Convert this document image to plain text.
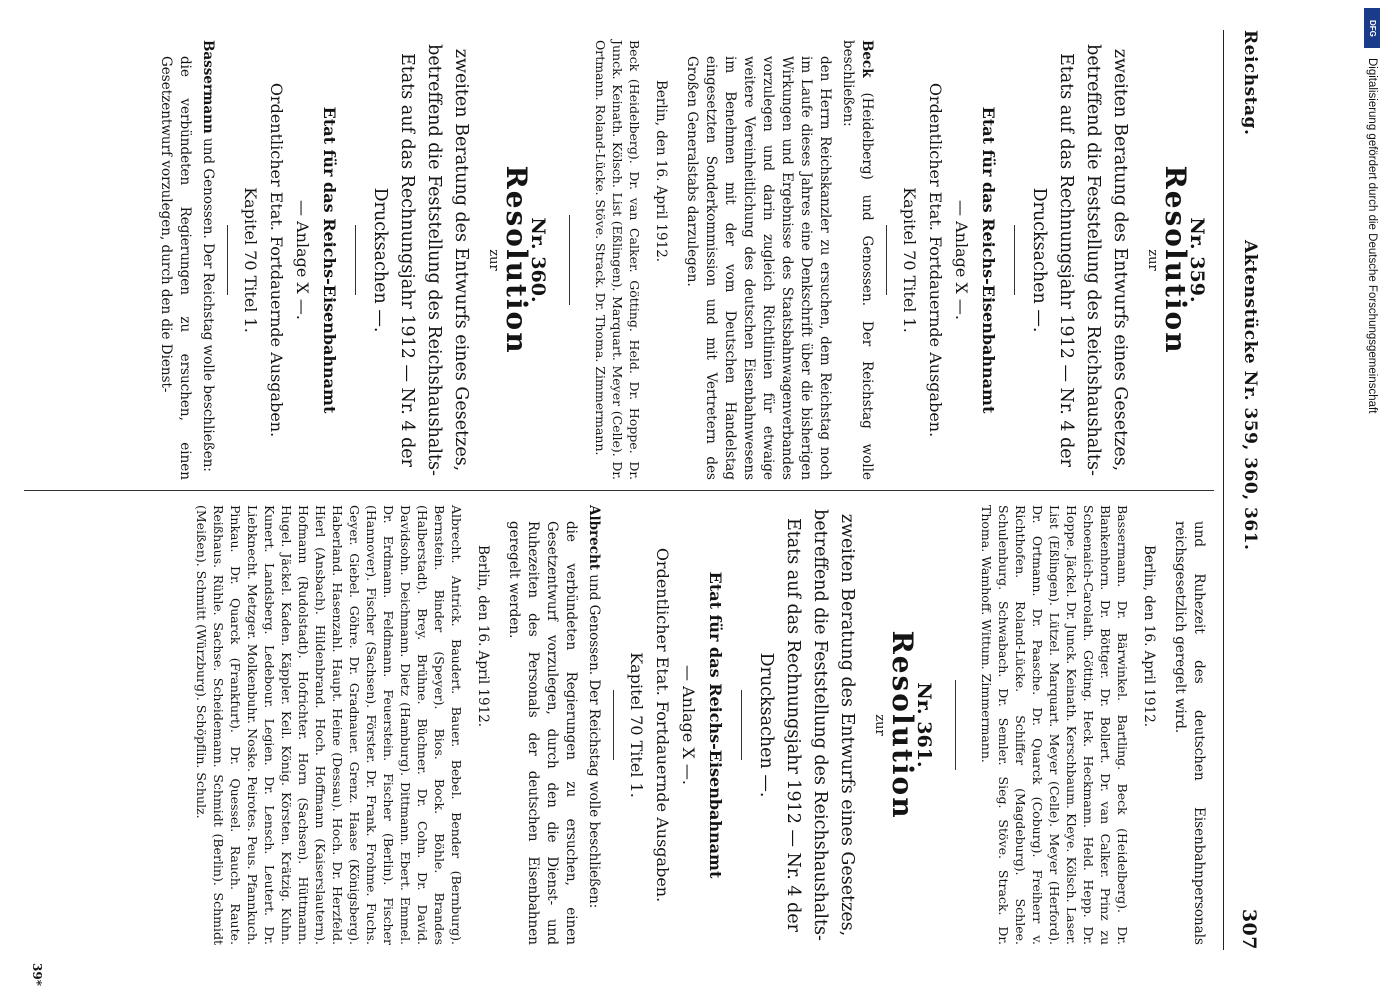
Reichstag.
Aktenstücke Nr. 359, 360, 361.
307
Nr. 359.
Resolution
zur
zweiten Beratung des Entwurfs eines Gesetzes, betreffend die Feststellung des Reichshaushalts-Etats auf das Rechnungsjahr 1912 — Nr. 4 der Drucksachen —.
Etat für das Reichs-Eisenbahnamt
— Anlage X —.
Ordentlicher Etat. Fortdauernde Ausgaben.
Kapitel 70 Titel 1.

Beck (Heidelberg) und Genossen. Der Reichstag wolle beschließen:

den Herrn Reichskanzler zu ersuchen, dem Reichstag noch im Laufe dieses Jahres eine Denkschrift über die bisherigen Wirkungen und Ergebnisse des Staatsbahnwagenverbandes vorzulegen und darin zugleich Richtlinien für etwaige weitere Vereinheitlichung des deutschen Eisenbahnwesens im Benehmen mit der vom Deutschen Handelstag eingesetzten Sonderkommission und mit Vertretern des Großen Generalstabs darzulegen.

Berlin, den 16. April 1912.

Beck (Heidelberg). Dr. van Calker. Götting. Held. Dr. Hoppe. Dr. Junck. Keinath. Kölsch. List (Eßlingen). Marquart. Meyer (Celle). Dr. Ortmann. Roland-Lücke. Stöve. Strack. Dr. Thoma. Zimmermann.

Nr. 360.
Resolution
zur
zweiten Beratung des Entwurfs eines Gesetzes, betreffend die Feststellung des Reichshaushalts-Etats auf das Rechnungsjahr 1912 — Nr. 4 der Drucksachen —.
Etat für das Reichs-Eisenbahnamt
— Anlage X —.
Ordentlicher Etat. Fortdauernde Ausgaben.
Kapitel 70 Titel 1.

Bassermann und Genossen. Der Reichstag wolle beschließen:

die verbündeten Regierungen zu ersuchen, einen Gesetzentwurf vorzulegen, durch den die Dienst-

und Ruhezeit des deutschen Eisenbahnpersonals reichsgesetzlich geregelt wird.

Berlin, den 16. April 1912.

Bassermann. Dr. Bärwinkel. Bartling. Beck (Heidelberg). Dr. Blankenhorn. Dr. Böttger. Dr. Bollert. Dr. van Calker. Prinz zu Schoenaich-Carolath. Götting. Heck. Heckmann. Held. Hepp. Dr. Hoppe. Jäckel. Dr. Junck. Keinath. Kerschbaum. Kleye. Kölsch. Laser. List (Eßlingen). Lützel. Marquart. Meyer (Celle). Meyer (Herford). Dr. Ortmann. Dr. Paasche. Dr. Quarck (Coburg). Freiherr v. Richthofen. Roland-Lücke. Schiffer (Magdeburg). Schlee. Schulenburg. Schwabach. Dr. Semler. Sieg. Stöve. Strack. Dr. Thoma. Wamhoff. Wittum. Zimmermann.

Nr. 361.
Resolution
zur
zweiten Beratung des Entwurfs eines Gesetzes, betreffend die Feststellung des Reichshaushalts-Etats auf das Rechnungsjahr 1912 — Nr. 4 der Drucksachen —.
Etat für das Reichs-Eisenbahnamt
— Anlage X —.
Ordentlicher Etat. Fortdauernde Ausgaben.
Kapitel 70 Titel 1.

Albrecht und Genossen. Der Reichstag wolle beschließen:

die verbündeten Regierungen zu ersuchen, einen Gesetzentwurf vorzulegen, durch den die Dienst- und Ruhezeiten des Personals der deutschen Eisenbahnen geregelt werden.

Berlin, den 16. April 1912.

Albrecht. Antrick. Baudert. Bauer. Bebel. Bender (Bernburg). Bernstein. Binder (Speyer). Bios. Bock. Böhle. Brandes (Halberstadt). Brey. Brühne. Büchner. Dr. Cohn. Dr. David. Davidsohn. Deichmann. Dietz (Hamburg). Dittmann. Ebert. Emmel. Dr. Erdmann. Feldmann. Feuerstein. Fischer (Berlin). Fischer (Hannover). Fischer (Sachsen). Förster. Dr. Frank. Frohme. Fuchs. Geyer. Giebel. Göhre. Dr. Gradnauer. Grenz. Haase (Königsberg). Haberland. Hasenzahl. Haupt. Heine (Dessau). Hoch. Dr. Herzfeld. Hierl (Ansbach). Hildenbrand. Hoch. Hoffmann (Kaiserslautern). Hofmann (Rudolstadt). Hofrichter. Horn (Sachsen). Hüttmann. Hugel. Jäckel. Kaden. Käppler. Keil. König. Körsten. Krätzig. Kuhn. Kunert. Landsberg. Ledebour. Legien. Dr. Lensch. Leutert. Dr. Liebknecht. Metzger. Molkenbuhr. Noske. Peirotes. Peus. Pfannkuch. Pinkau. Dr. Quarck (Frankfurt). Dr. Quessel. Rauch. Raute. Reißhaus. Rühle. Sachse. Scheidemann. Schmidt (Berlin). Schmidt (Meißen). Schmitt (Würzburg). Schöpflin. Schulz.

39*
DFG
Digitalisierung gefördert durch die Deutsche Forschungsgemeinschaft
